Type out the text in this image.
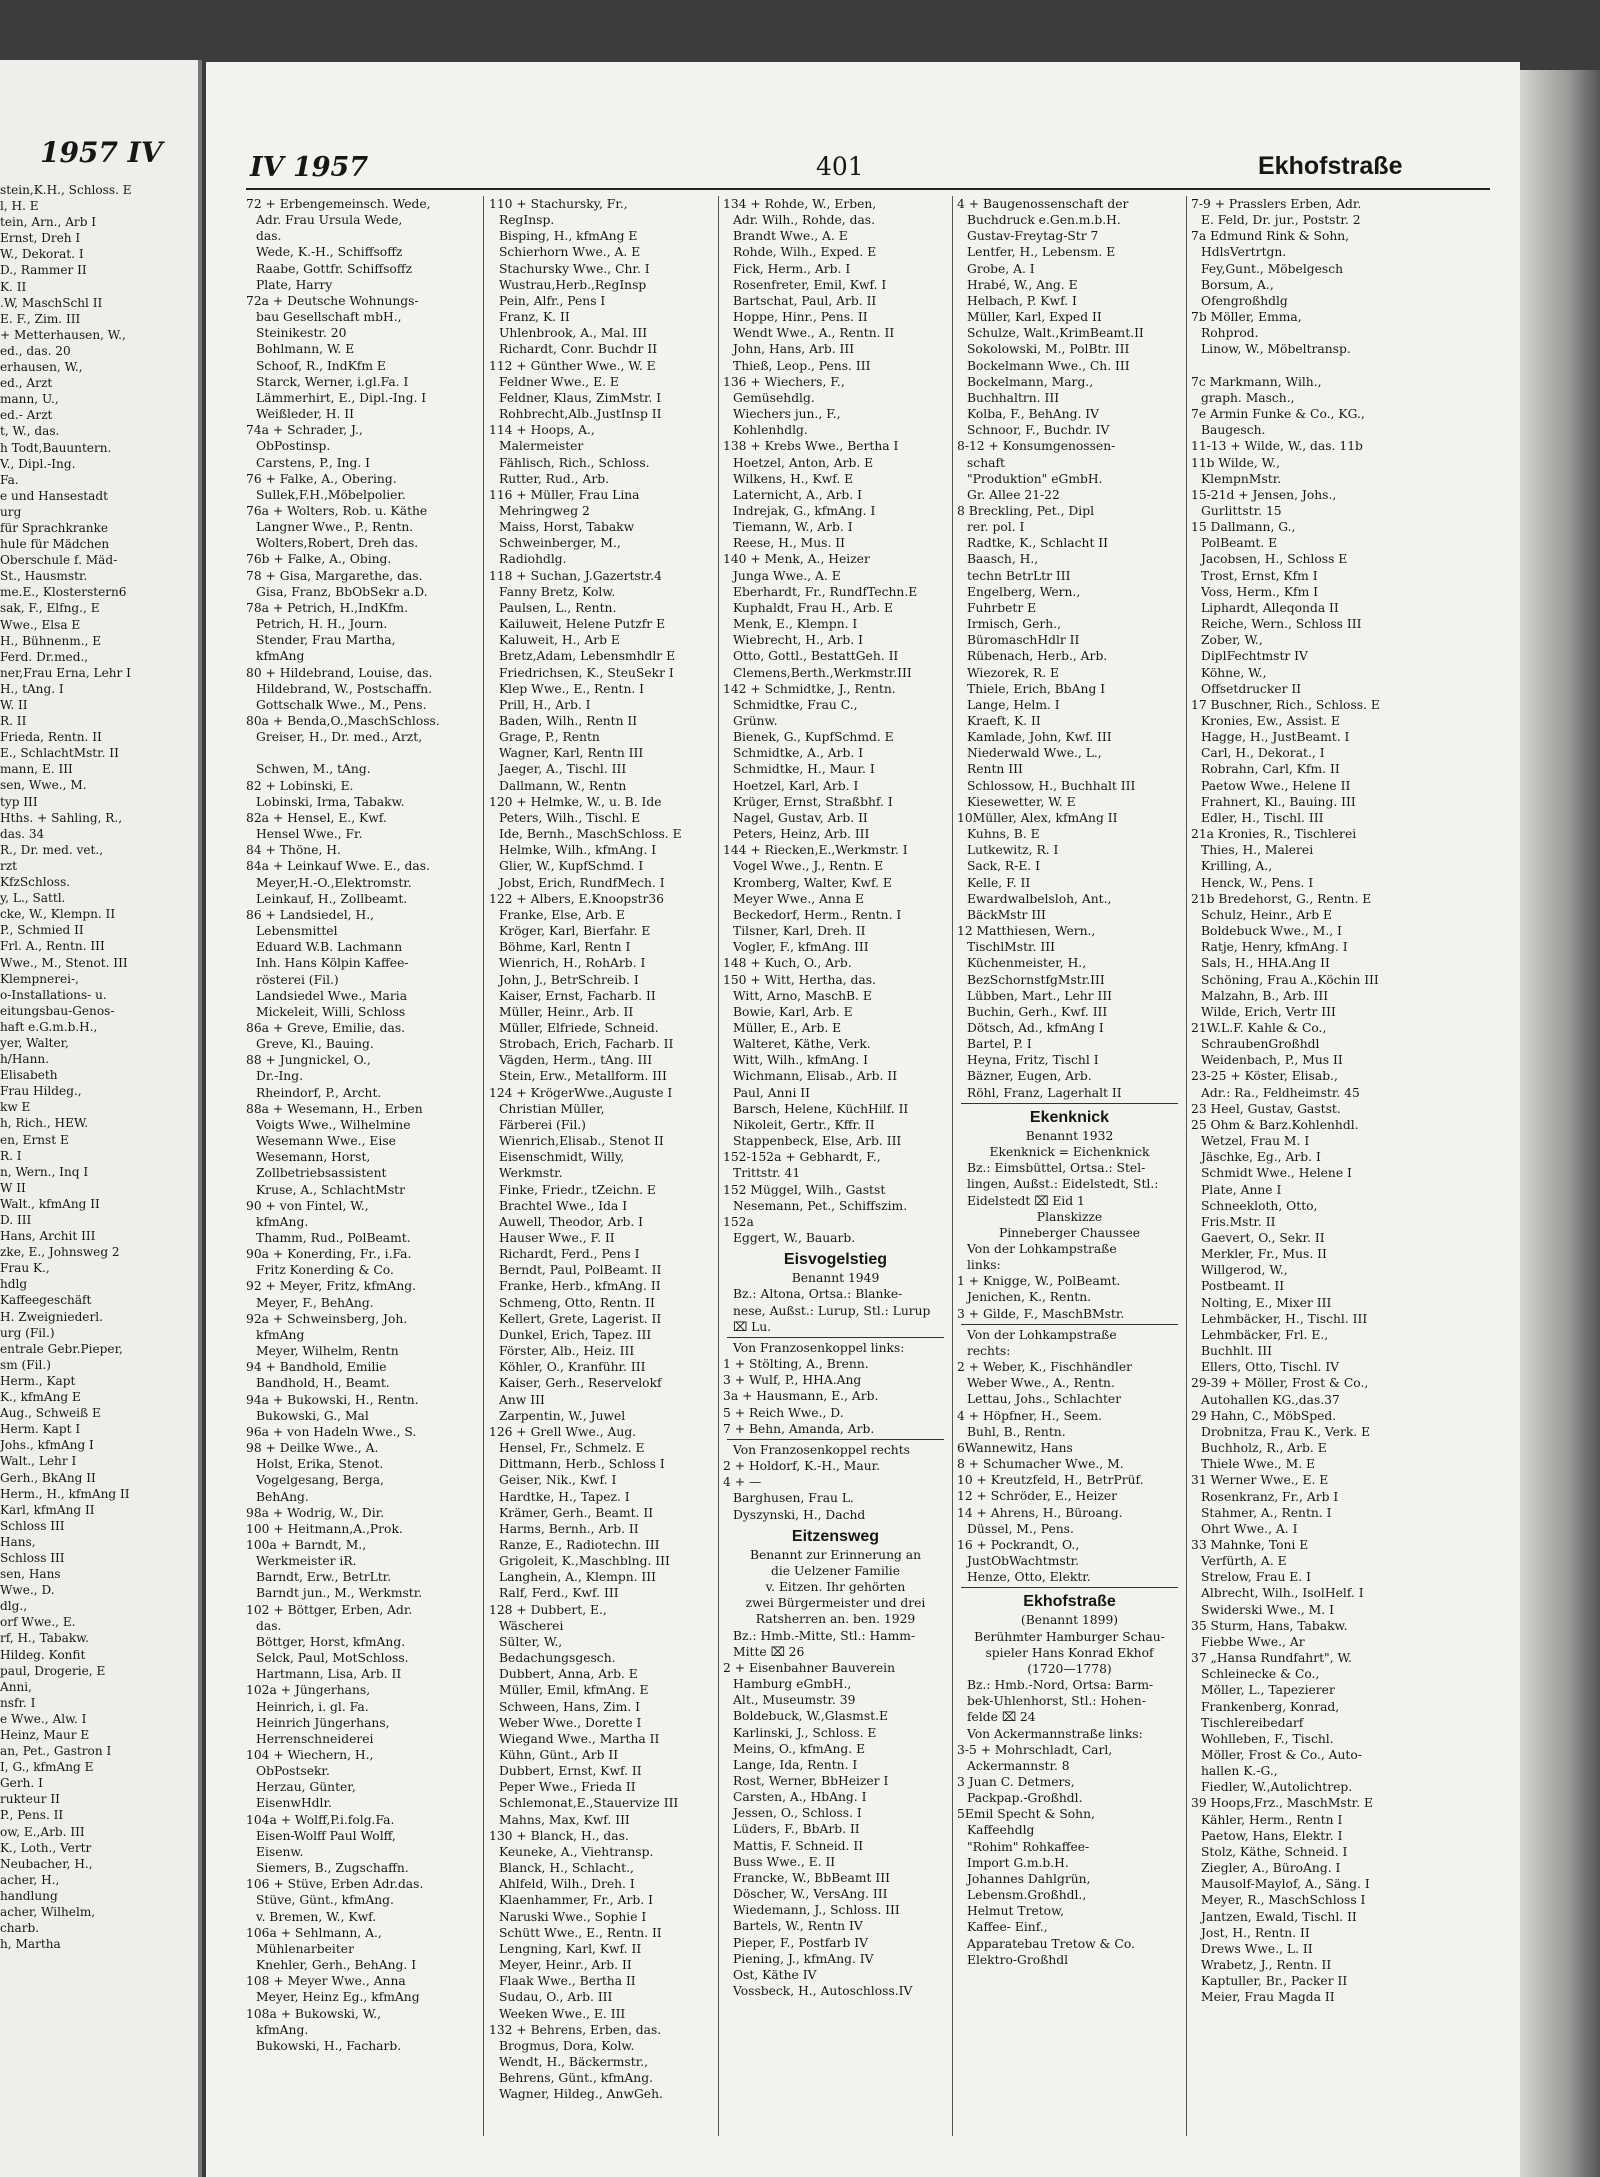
1957 IV
stein,K.H., Schloss. E
l, H. E
tein, Arn., Arb I
Ernst, Dreh I
W., Dekorat. I
D., Rammer II
K. II
.W, MaschSchl II
E. F., Zim. III
+ Metterhausen, W.,
ed., das. 20
erhausen, W.,
ed., Arzt
mann, U.,
ed.- Arzt
t, W., das.
h Todt,Bauuntern.
V., Dipl.-Ing.
Fa.
e und Hansestadt
urg
für Sprachkranke
hule für Mädchen
Oberschule f. Mäd-
St., Hausmstr.
me.E., Klosterstern6
sak, F., Elfng., E
Wwe., Elsa E
H., Bühnenm., E
Ferd. Dr.med.,
ner,Frau Erna, Lehr I
H., tAng. I
W. II
R. II
Frieda, Rentn. II
E., SchlachtMstr. II
mann, E. III
sen, Wwe., M.
typ III
Hths. + Sahling, R.,
das. 34
R., Dr. med. vet.,
rzt
KfzSchloss.
y, L., Sattl.
cke, W., Klempn. II
P., Schmied II
Frl. A., Rentn. III
Wwe., M., Stenot. III
Klempnerei-,
o-Installations- u.
eitungsbau-Genos-
haft e.G.m.b.H.,
yer, Walter,
h/Hann.
Elisabeth
Frau Hildeg.,
kw E
h, Rich., HEW.
en, Ernst E
R. I
n, Wern., Inq I
W II
Walt., kfmAng II
D. III
Hans, Archit III
zke, E., Johnsweg 2
Frau K.,
hdlg
Kaffeegeschäft
H. Zweigniederl.
urg (Fil.)
entrale Gebr.Pieper,
sm (Fil.)
Herm., Kapt
K., kfmAng E
Aug., Schweiß E
Herm. Kapt I
Johs., kfmAng I
Walt., Lehr I
Gerh., BkAng II
Herm., H., kfmAng II
Karl, kfmAng II
Schloss III
Hans,
Schloss III
sen, Hans
Wwe., D.
dlg.,
orf Wwe., E.
rf, H., Tabakw.
Hildeg. Konfit
paul, Drogerie, E
Anni,
nsfr. I
e Wwe., Alw. I
Heinz, Maur E
an, Pet., Gastron I
I, G., kfmAng E
Gerh. I
rukteur II
P., Pens. II
ow, E.,Arb. III
K., Loth., Vertr
Neubacher, H.,
acher, H.,
handlung
acher, Wilhelm,
charb.
h, Martha
IV 1957	401	Ekhofstraße
72 + Erbengemeinsch. Wede,
Adr. Frau Ursula Wede,
das.
Wede, K.-H., Schiffsoffz
Raabe, Gottfr. Schiffsoffz
Plate, Harry
72a + Deutsche Wohnungs-
bau Gesellschaft mbH.,
Steinikestr. 20
Bohlmann, W. E
Schoof, R., IndKfm E
Starck, Werner, i.gl.Fa. I
Lämmerhirt, E., Dipl.-Ing. I
Weißleder, H. II
74a + Schrader, J.,
ObPostinsp.
Carstens, P., Ing. I
76 + Falke, A., Obering.
Sullek,F.H.,Möbelpolier.
76a + Wolters, Rob. u. Käthe
Langner Wwe., P., Rentn.
Wolters,Robert, Dreh das.
76b + Falke, A., Obing.
78 + Gisa, Margarethe, das.
Gisa, Franz, BbObSekr a.D.
78a + Petrich, H.,IndKfm.
Petrich, H. H., Journ.
Stender, Frau Martha,
kfmAng
80 + Hildebrand, Louise, das.
Hildebrand, W., Postschaffn.
Gottschalk Wwe., M., Pens.
80a + Benda,O.,MaschSchloss.
Greiser, H., Dr. med., Arzt,

Schwen, M., tAng.
82 + Lobinski, E.
Lobinski, Irma, Tabakw.
82a + Hensel, E., Kwf.
Hensel Wwe., Fr.
84 + Thöne, H.
84a + Leinkauf Wwe. E., das.
Meyer,H.-O.,Elektromstr.
Leinkauf, H., Zollbeamt.
86 + Landsiedel, H.,
Lebensmittel
Eduard W.B. Lachmann
Inh. Hans Kölpin Kaffee-
rösterei (Fil.)
Landsiedel Wwe., Maria
Mickeleit, Willi, Schloss
86a + Greve, Emilie, das.
Greve, Kl., Bauing.
88 + Jungnickel, O.,
Dr.-Ing.
Rheindorf, P., Archt.
88a + Wesemann, H., Erben
Voigts Wwe., Wilhelmine
Wesemann Wwe., Eise
Wesemann, Horst,
Zollbetriebsassistent
Kruse, A., SchlachtMstr
90 + von Fintel, W.,
kfmAng.
Thamm, Rud., PolBeamt.
90a + Konerding, Fr., i.Fa.
Fritz Konerding & Co.
92 + Meyer, Fritz, kfmAng.
Meyer, F., BehAng.
92a + Schweinsberg, Joh.
kfmAng
Meyer, Wilhelm, Rentn
94 + Bandhold, Emilie
Bandhold, H., Beamt.
94a + Bukowski, H., Rentn.
Bukowski, G., Mal
96a + von Hadeln Wwe., S.
98 + Deilke Wwe., A.
Holst, Erika, Stenot.
Vogelgesang, Berga,
BehAng.
98a + Wodrig, W., Dir.
100 + Heitmann,A.,Prok.
100a + Barndt, M.,
Werkmeister iR.
Barndt, Erw., BetrLtr.
Barndt jun., M., Werkmstr.
102 + Böttger, Erben, Adr.
das.
Böttger, Horst, kfmAng.
Selck, Paul, MotSchloss.
Hartmann, Lisa, Arb. II
102a + Jüngerhans,
Heinrich, i. gl. Fa.
Heinrich Jüngerhans,
Herrenschneiderei
104 + Wiechern, H.,
ObPostsekr.
Herzau, Günter,
EisenwHdlr.
104a + Wolff,P.i.folg.Fa.
Eisen-Wolff Paul Wolff,
Eisenw.
Siemers, B., Zugschaffn.
106 + Stüve, Erben Adr.das.
Stüve, Günt., kfmAng.
v. Bremen, W., Kwf.
106a + Sehlmann, A.,
Mühlenarbeiter
Knehler, Gerh., BehAng. I
108 + Meyer Wwe., Anna
Meyer, Heinz Eg., kfmAng
108a + Bukowski, W.,
kfmAng.
Bukowski, H., Facharb.
110 + Stachursky, Fr.,
RegInsp.
Bisping, H., kfmAng E
Schierhorn Wwe., A. E
Stachursky Wwe., Chr. I
Wustrau,Herb.,RegInsp
Pein, Alfr., Pens I
Franz, K. II
Uhlenbrook, A., Mal. III
Richardt, Conr. Buchdr II
112 + Günther Wwe., W. E
Feldner Wwe., E. E
Feldner, Klaus, ZimMstr. I
Rohbrecht,Alb.,JustInsp II
114 + Hoops, A.,
Malermeister
Fählisch, Rich., Schloss.
Rutter, Rud., Arb.
116 + Müller, Frau Lina
Mehringweg 2
Maiss, Horst, Tabakw
Schweinberger, M.,
Radiohdlg.
118 + Suchan, J.Gazertstr.4
Fanny Bretz, Kolw.
Paulsen, L., Rentn.
Kailuweit, Helene Putzfr E
Kaluweit, H., Arb E
Bretz,Adam, Lebensmhdlr E
Friedrichsen, K., SteuSekr I
Klep Wwe., E., Rentn. I
Prill, H., Arb. I
Baden, Wilh., Rentn II
Grage, P., Rentn
Wagner, Karl, Rentn III
Jaeger, A., Tischl. III
Dallmann, W., Rentn
120 + Helmke, W., u. B. Ide
Peters, Wilh., Tischl. E
Ide, Bernh., MaschSchloss. E
Helmke, Wilh., kfmAng. I
Glier, W., KupfSchmd. I
Jobst, Erich, RundfMech. I
122 + Albers, E.Knoopstr36
Franke, Else, Arb. E
Kröger, Karl, Bierfahr. E
Böhme, Karl, Rentn I
Wienrich, H., RohArb. I
John, J., BetrSchreib. I
Kaiser, Ernst, Facharb. II
Müller, Heinr., Arb. II
Müller, Elfriede, Schneid.
Strobach, Erich, Facharb. II
Vägden, Herm., tAng. III
Stein, Erw., Metallform. III
124 + KrögerWwe.,Auguste I
Christian Müller,
Färberei (Fil.)
Wienrich,Elisab., Stenot II
Eisenschmidt, Willy,
Werkmstr.
Finke, Friedr., tZeichn. E
Brachtel Wwe., Ida I
Auwell, Theodor, Arb. I
Hauser Wwe., F. II
Richardt, Ferd., Pens I
Berndt, Paul, PolBeamt. II
Franke, Herb., kfmAng. II
Schmeng, Otto, Rentn. II
Kellert, Grete, Lagerist. II
Dunkel, Erich, Tapez. III
Förster, Alb., Heiz. III
Köhler, O., Kranführ. III
Kaiser, Gerh., Reservelokf
Anw III
Zarpentin, W., Juwel
126 + Grell Wwe., Aug.
Hensel, Fr., Schmelz. E
Dittmann, Herb., Schloss I
Geiser, Nik., Kwf. I
Hardtke, H., Tapez. I
Krämer, Gerh., Beamt. II
Harms, Bernh., Arb. II
Ranze, E., Radiotechn. III
Grigoleit, K.,Maschblng. III
Langhein, A., Klempn. III
Ralf, Ferd., Kwf. III
128 + Dubbert, E.,
Wäscherei
Sülter, W.,
Bedachungsgesch.
Dubbert, Anna, Arb. E
Müller, Emil, kfmAng. E
Schween, Hans, Zim. I
Weber Wwe., Dorette I
Wiegand Wwe., Martha II
Kühn, Günt., Arb II
Dubbert, Ernst, Kwf. II
Peper Wwe., Frieda II
Schlemonat,E.,Stauervize III
Mahns, Max, Kwf. III
130 + Blanck, H., das.
Keuneke, A., Viehtransp.
Blanck, H., Schlacht.,
Ahlfeld, Wilh., Dreh. I
Klaenhammer, Fr., Arb. I
Naruski Wwe., Sophie I
Schütt Wwe., E., Rentn. II
Lengning, Karl, Kwf. II
Meyer, Heinr., Arb. II
Flaak Wwe., Bertha II
Sudau, O., Arb. III
Weeken Wwe., E. III
132 + Behrens, Erben, das.
Brogmus, Dora, Kolw.
Wendt, H., Bäckermstr.,
Behrens, Günt., kfmAng.
Wagner, Hildeg., AnwGeh.
134 + Rohde, W., Erben,
Adr. Wilh., Rohde, das.
Brandt Wwe., A. E
Rohde, Wilh., Exped. E
Fick, Herm., Arb. I
Rosenfreter, Emil, Kwf. I
Bartschat, Paul, Arb. II
Hoppe, Hinr., Pens. II
Wendt Wwe., A., Rentn. II
John, Hans, Arb. III
Thieß, Leop., Pens. III
136 + Wiechers, F.,
Gemüsehdlg.
Wiechers jun., F.,
Kohlenhdlg.
138 + Krebs Wwe., Bertha I
Hoetzel, Anton, Arb. E
Wilkens, H., Kwf. E
Laternicht, A., Arb. I
Indrejak, G., kfmAng. I
Tiemann, W., Arb. I
Reese, H., Mus. II
140 + Menk, A., Heizer
Junga Wwe., A. E
Eberhardt, Fr., RundfTechn.E
Kuphaldt, Frau H., Arb. E
Menk, E., Klempn. I
Wiebrecht, H., Arb. I
Otto, Gottl., BestattGeh. II
Clemens,Berth.,Werkmstr.III
142 + Schmidtke, J., Rentn.
Schmidtke, Frau C.,
Grünw.
Bienek, G., KupfSchmd. E
Schmidtke, A., Arb. I
Schmidtke, H., Maur. I
Hoetzel, Karl, Arb. I
Krüger, Ernst, Straßbhf. I
Nagel, Gustav, Arb. II
Peters, Heinz, Arb. III
144 + Riecken,E.,Werkmstr. I
Vogel Wwe., J., Rentn. E
Kromberg, Walter, Kwf. E
Meyer Wwe., Anna E
Beckedorf, Herm., Rentn. I
Tilsner, Karl, Dreh. II
Vogler, F., kfmAng. III
148 + Kuch, O., Arb.
150 + Witt, Hertha, das.
Witt, Arno, MaschB. E
Bowie, Karl, Arb. E
Müller, E., Arb. E
Walteret, Käthe, Verk.
Witt, Wilh., kfmAng. I
Wichmann, Elisab., Arb. II
Paul, Anni II
Barsch, Helene, KüchHilf. II
Nikoleit, Gertr., Kffr. II
Stappenbeck, Else, Arb. III
152-152a + Gebhardt, F.,
Trittstr. 41
152 Müggel, Wilh., Gastst
Nesemann, Pet., Schiffszim.
152a
Eggert, W., Bauarb.
Eisvogelstieg
Benannt 1949
Bz.: Altona, Ortsa.: Blanke-
nese, Außst.: Lurup, Stl.: Lurup
⌧ Lu.
Von Franzosenkoppel links:
1 + Stölting, A., Brenn.
3 + Wulf, P., HHA.Ang
3a + Hausmann, E., Arb.
5 + Reich Wwe., D.
7 + Behn, Amanda, Arb.
Von Franzosenkoppel rechts
2 + Holdorf, K.-H., Maur.
4 + —
Barghusen, Frau L.
Dyszynski, H., Dachd
Eitzensweg
Benannt zur Erinnerung an
die Uelzener Familie
v. Eitzen. Ihr gehörten
zwei Bürgermeister und drei
Ratsherren an. ben. 1929
Bz.: Hmb.-Mitte, Stl.: Hamm-
Mitte ⌧ 26
2 + Eisenbahner Bauverein
Hamburg eGmbH.,
Alt., Museumstr. 39
Boldebuck, W.,Glasmst.E
Karlinski, J., Schloss. E
Meins, O., kfmAng. E
Lange, Ida, Rentn. I
Rost, Werner, BbHeizer I
Carsten, A., HbAng. I
Jessen, O., Schloss. I
Lüders, F., BbArb. II
Mattis, F. Schneid. II
Buss Wwe., E. II
Francke, W., BbBeamt III
Döscher, W., VersAng. III
Wiedemann, J., Schloss. III
Bartels, W., Rentn IV
Pieper, F., Postfarb IV
Piening, J., kfmAng. IV
Ost, Käthe IV
Vossbeck, H., Autoschloss.IV
4 + Baugenossenschaft der
Buchdruck e.Gen.m.b.H.
Gustav-Freytag-Str 7
Lentfer, H., Lebensm. E
Grobe, A. I
Hrabé, W., Ang. E
Helbach, P. Kwf. I
Müller, Karl, Exped II
Schulze, Walt.,KrimBeamt.II
Sokolowski, M., PolBtr. III
Bockelmann Wwe., Ch. III
Bockelmann, Marg.,
Buchhaltrn. III
Kolba, F., BehAng. IV
Schnoor, F., Buchdr. IV
8-12 + Konsumgenossen-
schaft
"Produktion" eGmbH.
Gr. Allee 21-22
8 Breckling, Pet., Dipl
rer. pol. I
Radtke, K., Schlacht II
Baasch, H.,
techn BetrLtr III
Engelberg, Wern.,
Fuhrbetr E
Irmisch, Gerh.,
BüromaschHdlr II
Rübenach, Herb., Arb.
Wiezorek, R. E
Thiele, Erich, BbAng I
Lange, Helm. I
Kraeft, K. II
Kamlade, John, Kwf. III
Niederwald Wwe., L.,
Rentn III
Schlossow, H., Buchhalt III
Kiesewetter, W. E
10Müller, Alex, kfmAng II
Kuhns, B. E
Lutkewitz, R. I
Sack, R-E. I
Kelle, F. II
Ewardwalbelsloh, Ant.,
BäckMstr III
12 Matthiesen, Wern.,
TischlMstr. III
Küchenmeister, H.,
BezSchornstfgMstr.III
Lübben, Mart., Lehr III
Buchin, Gerh., Kwf. III
Dötsch, Ad., kfmAng I
Bartel, P. I
Heyna, Fritz, Tischl I
Bäzner, Eugen, Arb.
Röhl, Franz, Lagerhalt II
Ekenknick
Benannt 1932
Ekenknick = Eichenknick
Bz.: Eimsbüttel, Ortsa.: Stel-
lingen, Außst.: Eidelstedt, Stl.:
Eidelstedt ⌧ Eid 1
Planskizze
Pinneberger Chaussee
Von der Lohkampstraße
links:
1 + Knigge, W., PolBeamt.
Jenichen, K., Rentn.
3 + Gilde, F., MaschBMstr.
Von der Lohkampstraße
rechts:
2 + Weber, K., Fischhändler
Weber Wwe., A., Rentn.
Lettau, Johs., Schlachter
4 + Höpfner, H., Seem.
Buhl, B., Rentn.
6Wannewitz, Hans
8 + Schumacher Wwe., M.
10 + Kreutzfeld, H., BetrPrüf.
12 + Schröder, E., Heizer
14 + Ahrens, H., Büroang.
Düssel, M., Pens.
16 + Pockrandt, O.,
JustObWachtmstr.
Henze, Otto, Elektr.
Ekhofstraße
(Benannt 1899)
Berühmter Hamburger Schau-
spieler Hans Konrad Ekhof
(1720—1778)
Bz.: Hmb.-Nord, Ortsa: Barm-
bek-Uhlenhorst, Stl.: Hohen-
felde ⌧ 24
Von Ackermannstraße links:
3-5 + Mohrschladt, Carl,
Ackermannstr. 8
3 Juan C. Detmers,
Packpap.-Großhdl.
5Emil Specht & Sohn,
Kaffeehdlg
"Rohim" Rohkaffee-
Import G.m.b.H.
Johannes Dahlgrün,
Lebensm.Großhdl.,
Helmut Tretow,
Kaffee- Einf.,
Apparatebau Tretow & Co.
Elektro-Großhdl
7-9 + Prasslers Erben, Adr.
E. Feld, Dr. jur., Poststr. 2
7a Edmund Rink & Sohn,
HdlsVertrtgn.
Fey,Gunt., Möbelgesch
Borsum, A.,
Ofengroßhdlg
7b Möller, Emma,
Rohprod.
Linow, W., Möbeltransp.

7c Markmann, Wilh.,
graph. Masch.,
7e Armin Funke & Co., KG.,
Baugesch.
11-13 + Wilde, W., das. 11b
11b Wilde, W.,
KlempnMstr.
15-21d + Jensen, Johs.,
Gurlittstr. 15
15 Dallmann, G.,
PolBeamt. E
Jacobsen, H., Schloss E
Trost, Ernst, Kfm I
Voss, Herm., Kfm I
Liphardt, Alleqonda II
Reiche, Wern., Schloss III
Zober, W.,
DiplFechtmstr IV
Köhne, W.,
Offsetdrucker II
17 Buschner, Rich., Schloss. E
Kronies, Ew., Assist. E
Hagge, H., JustBeamt. I
Carl, H., Dekorat., I
Robrahn, Carl, Kfm. II
Paetow Wwe., Helene II
Frahnert, Kl., Bauing. III
Edler, H., Tischl. III
21a Kronies, R., Tischlerei
Thies, H., Malerei
Krilling, A.,
Henck, W., Pens. I
21b Bredehorst, G., Rentn. E
Schulz, Heinr., Arb E
Boldebuck Wwe., M., I
Ratje, Henry, kfmAng. I
Sals, H., HHA.Ang II
Schöning, Frau A.,Köchin III
Malzahn, B., Arb. III
Wilde, Erich, Vertr III
21W.L.F. Kahle & Co.,
SchraubenGroßhdl
Weidenbach, P., Mus II
23-25 + Köster, Elisab.,
Adr.: Ra., Feldheimstr. 45
23 Heel, Gustav, Gastst.
25 Ohm & Barz.Kohlenhdl.
Wetzel, Frau M. I
Jäschke, Eg., Arb. I
Schmidt Wwe., Helene I
Plate, Anne I
Schneekloth, Otto,
Fris.Mstr. II
Gaevert, O., Sekr. II
Merkler, Fr., Mus. II
Willgerod, W.,
Postbeamt. II
Nolting, E., Mixer III
Lehmbäcker, H., Tischl. III
Lehmbäcker, Frl. E.,
Buchhlt. III
Ellers, Otto, Tischl. IV
29-39 + Möller, Frost & Co.,
Autohallen KG.,das.37
29 Hahn, C., MöbSped.
Drobnitza, Frau K., Verk. E
Buchholz, R., Arb. E
Thiele Wwe., M. E
31 Werner Wwe., E. E
Rosenkranz, Fr., Arb I
Stahmer, A., Rentn. I
Ohrt Wwe., A. I
33 Mahnke, Toni E
Verfürth, A. E
Strelow, Frau E. I
Albrecht, Wilh., IsolHelf. I
Swiderski Wwe., M. I
35 Sturm, Hans, Tabakw.
Fiebbe Wwe., Ar
37 „Hansa Rundfahrt", W.
Schleinecke & Co.,
Möller, L., Tapezierer
Frankenberg, Konrad,
Tischlereibedarf
Wohlleben, F., Tischl.
Möller, Frost & Co., Auto-
hallen K.-G.,
Fiedler, W.,Autolichtrep.
39 Hoops,Frz., MaschMstr. E
Kähler, Herm., Rentn I
Paetow, Hans, Elektr. I
Stolz, Käthe, Schneid. I
Ziegler, A., BüroAng. I
Mausolf-Maylof, A., Säng. I
Meyer, R., MaschSchloss I
Jantzen, Ewald, Tischl. II
Jost, H., Rentn. II
Drews Wwe., L. II
Wrabetz, J., Rentn. II
Kaptuller, Br., Packer II
Meier, Frau Magda II
